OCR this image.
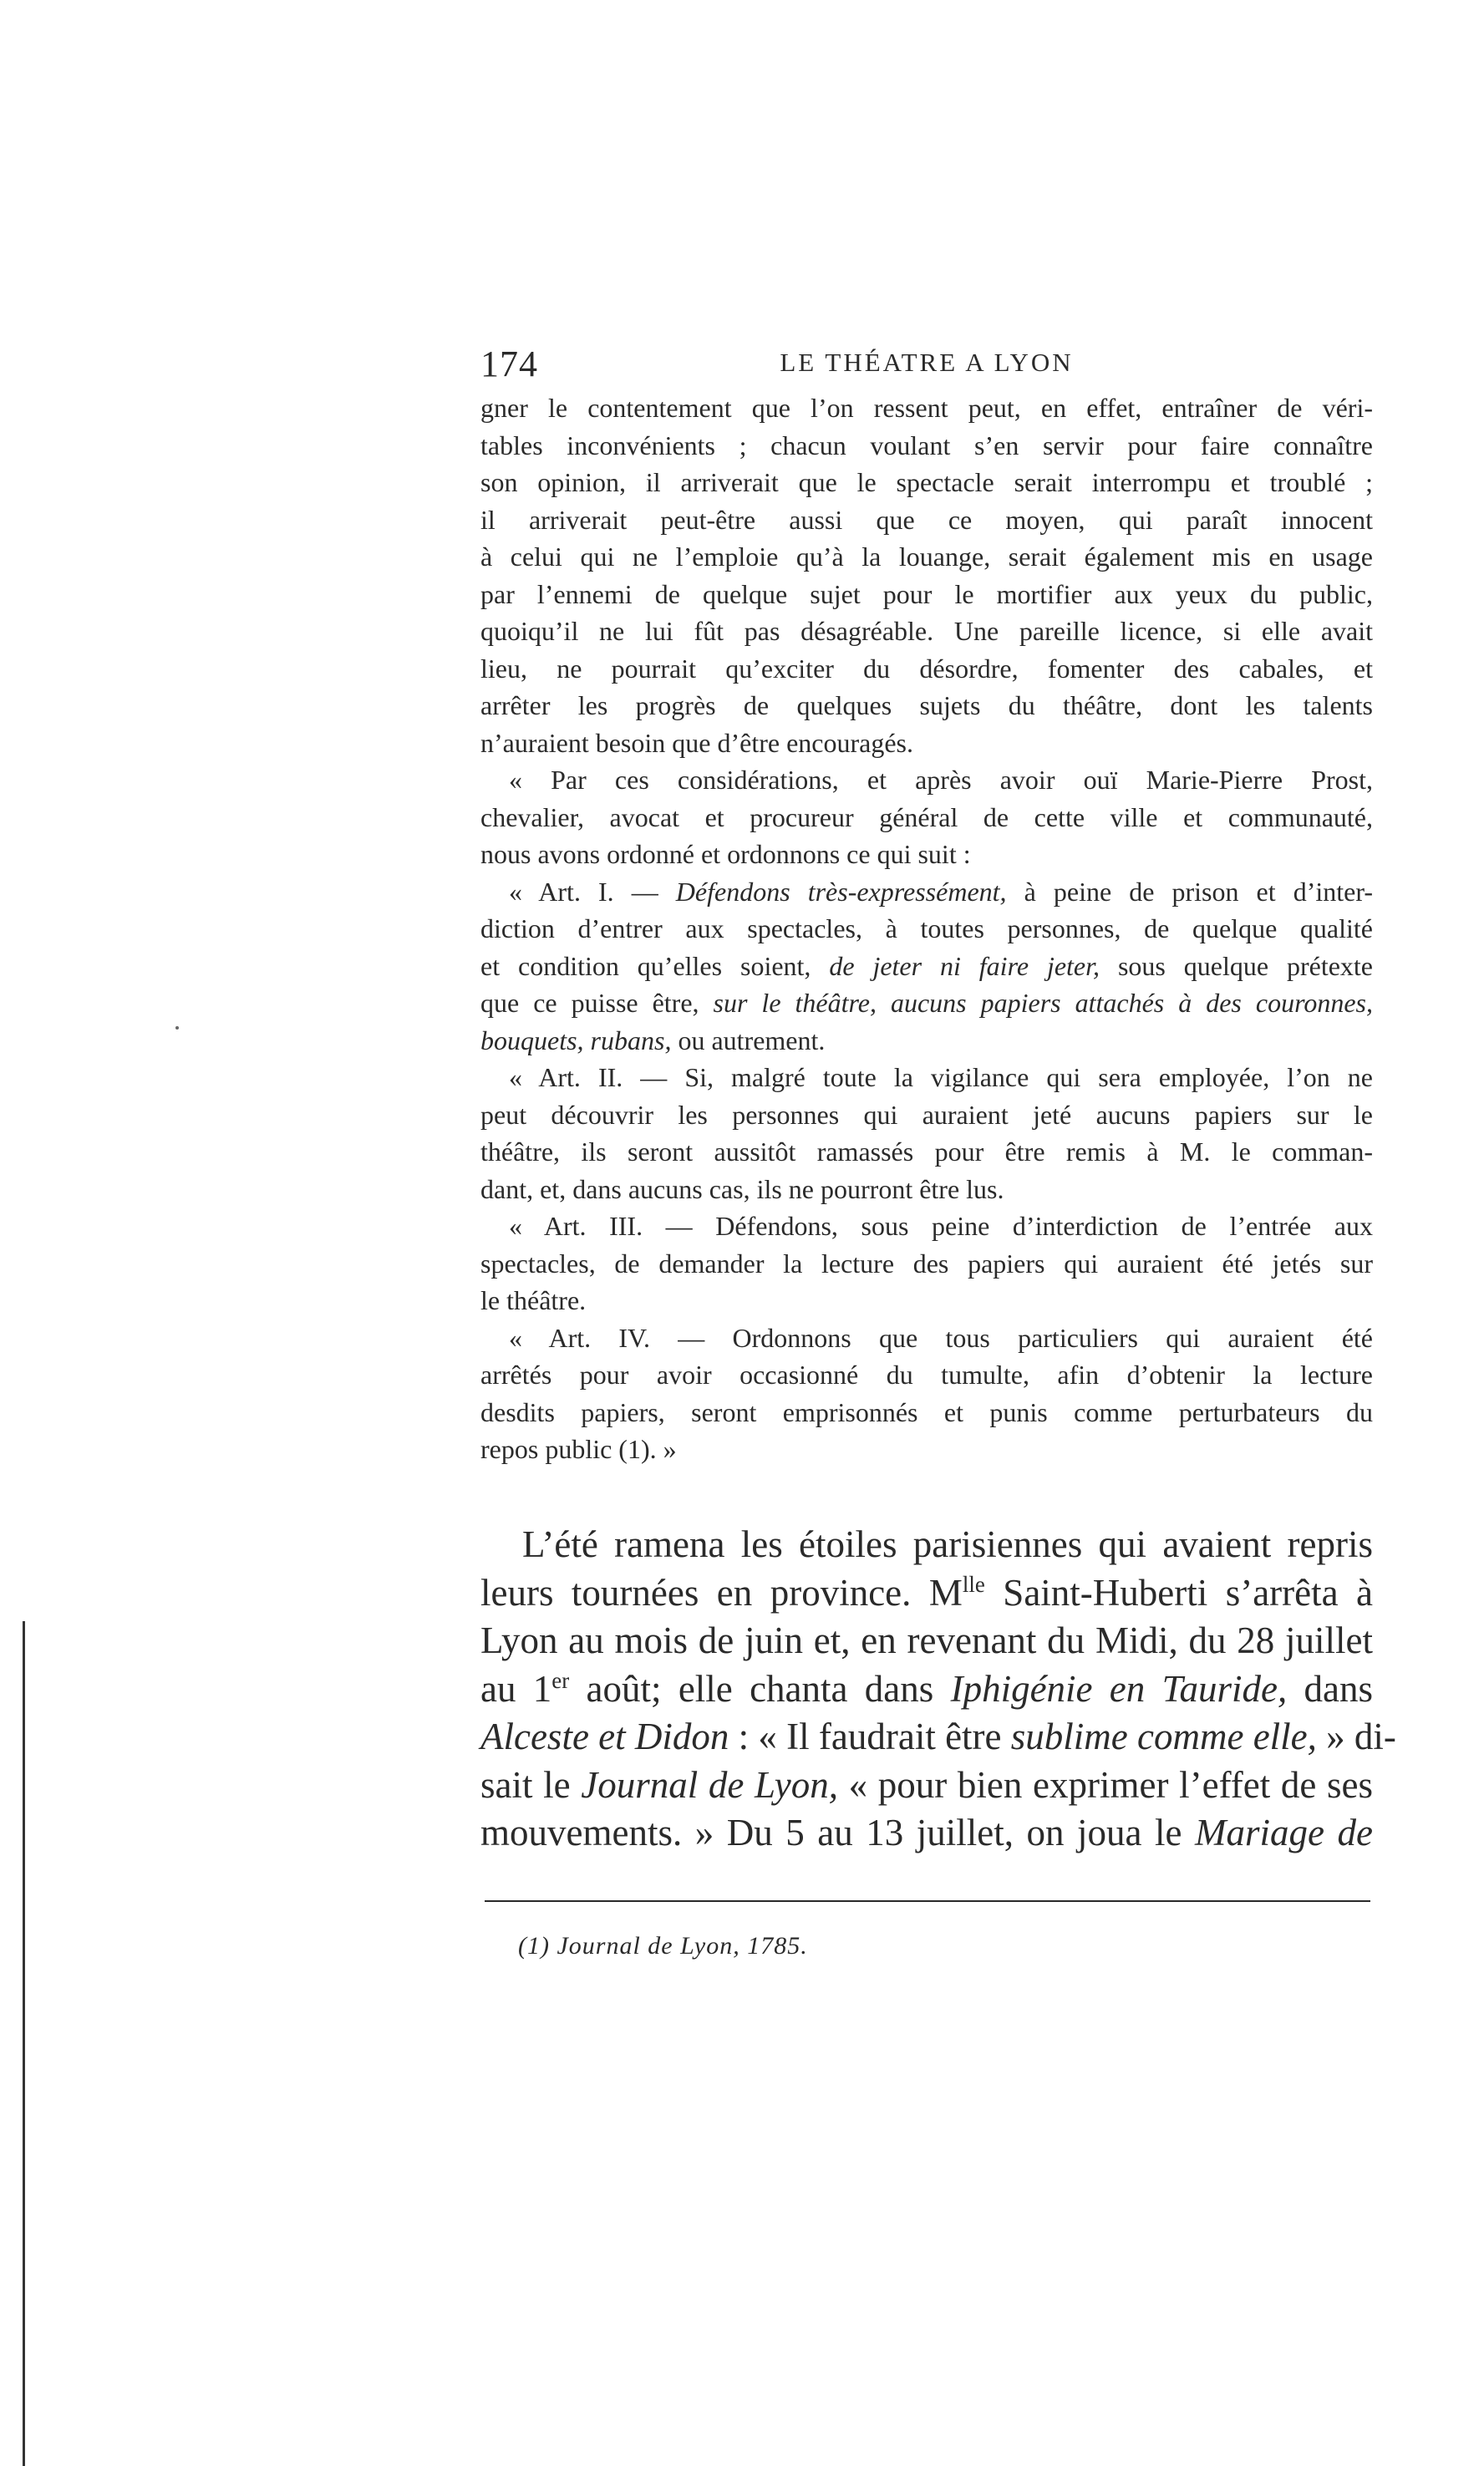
174	LE THÉATRE A LYON
gner le contentement que l’on ressent peut, en effet, entraîner de véri-
tables inconvénients ; chacun voulant s’en servir pour faire connaître
son opinion, il arriverait que le spectacle serait interrompu et troublé ;
il arriverait peut-être aussi que ce moyen, qui paraît innocent
à celui qui ne l’emploie qu’à la louange, serait également mis en usage
par l’ennemi de quelque sujet pour le mortifier aux yeux du public,
quoiqu’il ne lui fût pas désagréable. Une pareille licence, si elle avait
lieu, ne pourrait qu’exciter du désordre, fomenter des cabales, et
arrêter les progrès de quelques sujets du théâtre, dont les talents
n’auraient besoin que d’être encouragés.
« Par ces considérations, et après avoir ouï Marie-Pierre Prost,
chevalier, avocat et procureur général de cette ville et communauté,
nous avons ordonné et ordonnons ce qui suit :
« Art. I. — Défendons très-expressément, à peine de prison et d’inter-
diction d’entrer aux spectacles, à toutes personnes, de quelque qualité
et condition qu’elles soient, de jeter ni faire jeter, sous quelque prétexte
que ce puisse être, sur le théâtre, aucuns papiers attachés à des couronnes,
bouquets, rubans, ou autrement.
« Art. II. — Si, malgré toute la vigilance qui sera employée, l’on ne
peut découvrir les personnes qui auraient jeté aucuns papiers sur le
théâtre, ils seront aussitôt ramassés pour être remis à M. le comman-
dant, et, dans aucuns cas, ils ne pourront être lus.
« Art. III. — Défendons, sous peine d’interdiction de l’entrée aux
spectacles, de demander la lecture des papiers qui auraient été jetés sur
le théâtre.
« Art. IV. — Ordonnons que tous particuliers qui auraient été
arrêtés pour avoir occasionné du tumulte, afin d’obtenir la lecture
desdits papiers, seront emprisonnés et punis comme perturbateurs du
repos public (1). »
L’été ramena les étoiles parisiennes qui avaient repris
leurs tournées en province. $M^{lle}$ Saint-Huberti s’arrêta à
Lyon au mois de juin et, en revenant du Midi, du 28 juillet
au 1er août; elle chanta dans Iphigénie en Tauride, dans
Alceste et Didon : « Il faudrait être sublime comme elle, » di-
sait le Journal de Lyon, « pour bien exprimer l’effet de ses
mouvements. » Du 5 au 13 juillet, on joua le Mariage de
(1) Journal de Lyon, 1785.
